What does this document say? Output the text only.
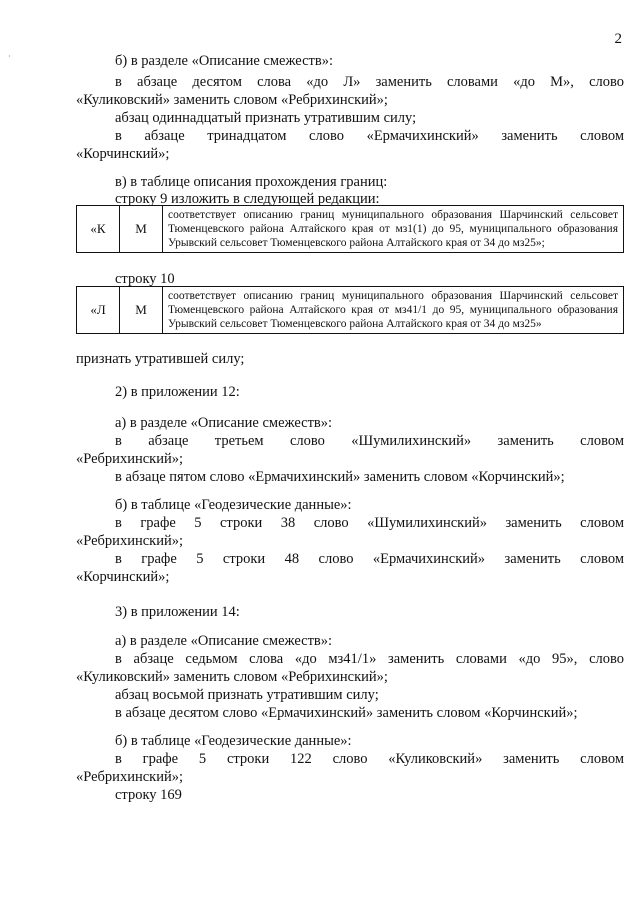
·
2

б) в разделе «Описание смежеств»:

в абзаце десятом слова «до Л» заменить словами «до М», слово

«Куликовский» заменить словом «Ребрихинский»;

абзац одиннадцатый признать утратившим силу;

в абзаце тринадцатом слово «Ермачихинский» заменить словом

«Корчинский»;

в) в таблице описания прохождения границ:

строку 9 изложить в следующей редакции:

«К	М	соответствует описанию границ муниципального образования Шарчинский сельсовет Тюменцевского района Алтайского края от мз1(1) до 95, муниципального образования Урывский сельсовет Тюменцевского района Алтайского края от 34 до мз25»;

строку 10

«Л	М	соответствует описанию границ муниципального образования Шарчинский сельсовет Тюменцевского района Алтайского края от мз41/1 до 95, муниципального образования Урывский сельсовет Тюменцевского района Алтайского края от 34 до мз25»

признать утратившей силу;

2) в приложении 12:

а) в разделе «Описание смежеств»:

в абзаце третьем слово «Шумилихинский» заменить словом

«Ребрихинский»;

в абзаце пятом слово «Ермачихинский» заменить словом «Корчинский»;

б) в таблице «Геодезические данные»:

в графе 5 строки 38 слово «Шумилихинский» заменить словом

«Ребрихинский»;

в графе 5 строки 48 слово «Ермачихинский» заменить словом

«Корчинский»;

3) в приложении 14:

а) в разделе «Описание смежеств»:

в абзаце седьмом слова «до мз41/1» заменить словами «до 95», слово

«Куликовский» заменить словом «Ребрихинский»;

абзац восьмой признать утратившим силу;

в абзаце десятом слово «Ермачихинский» заменить словом «Корчинский»;

б) в таблице «Геодезические данные»:

в графе 5 строки 122 слово «Куликовский» заменить словом

«Ребрихинский»;

строку 169
